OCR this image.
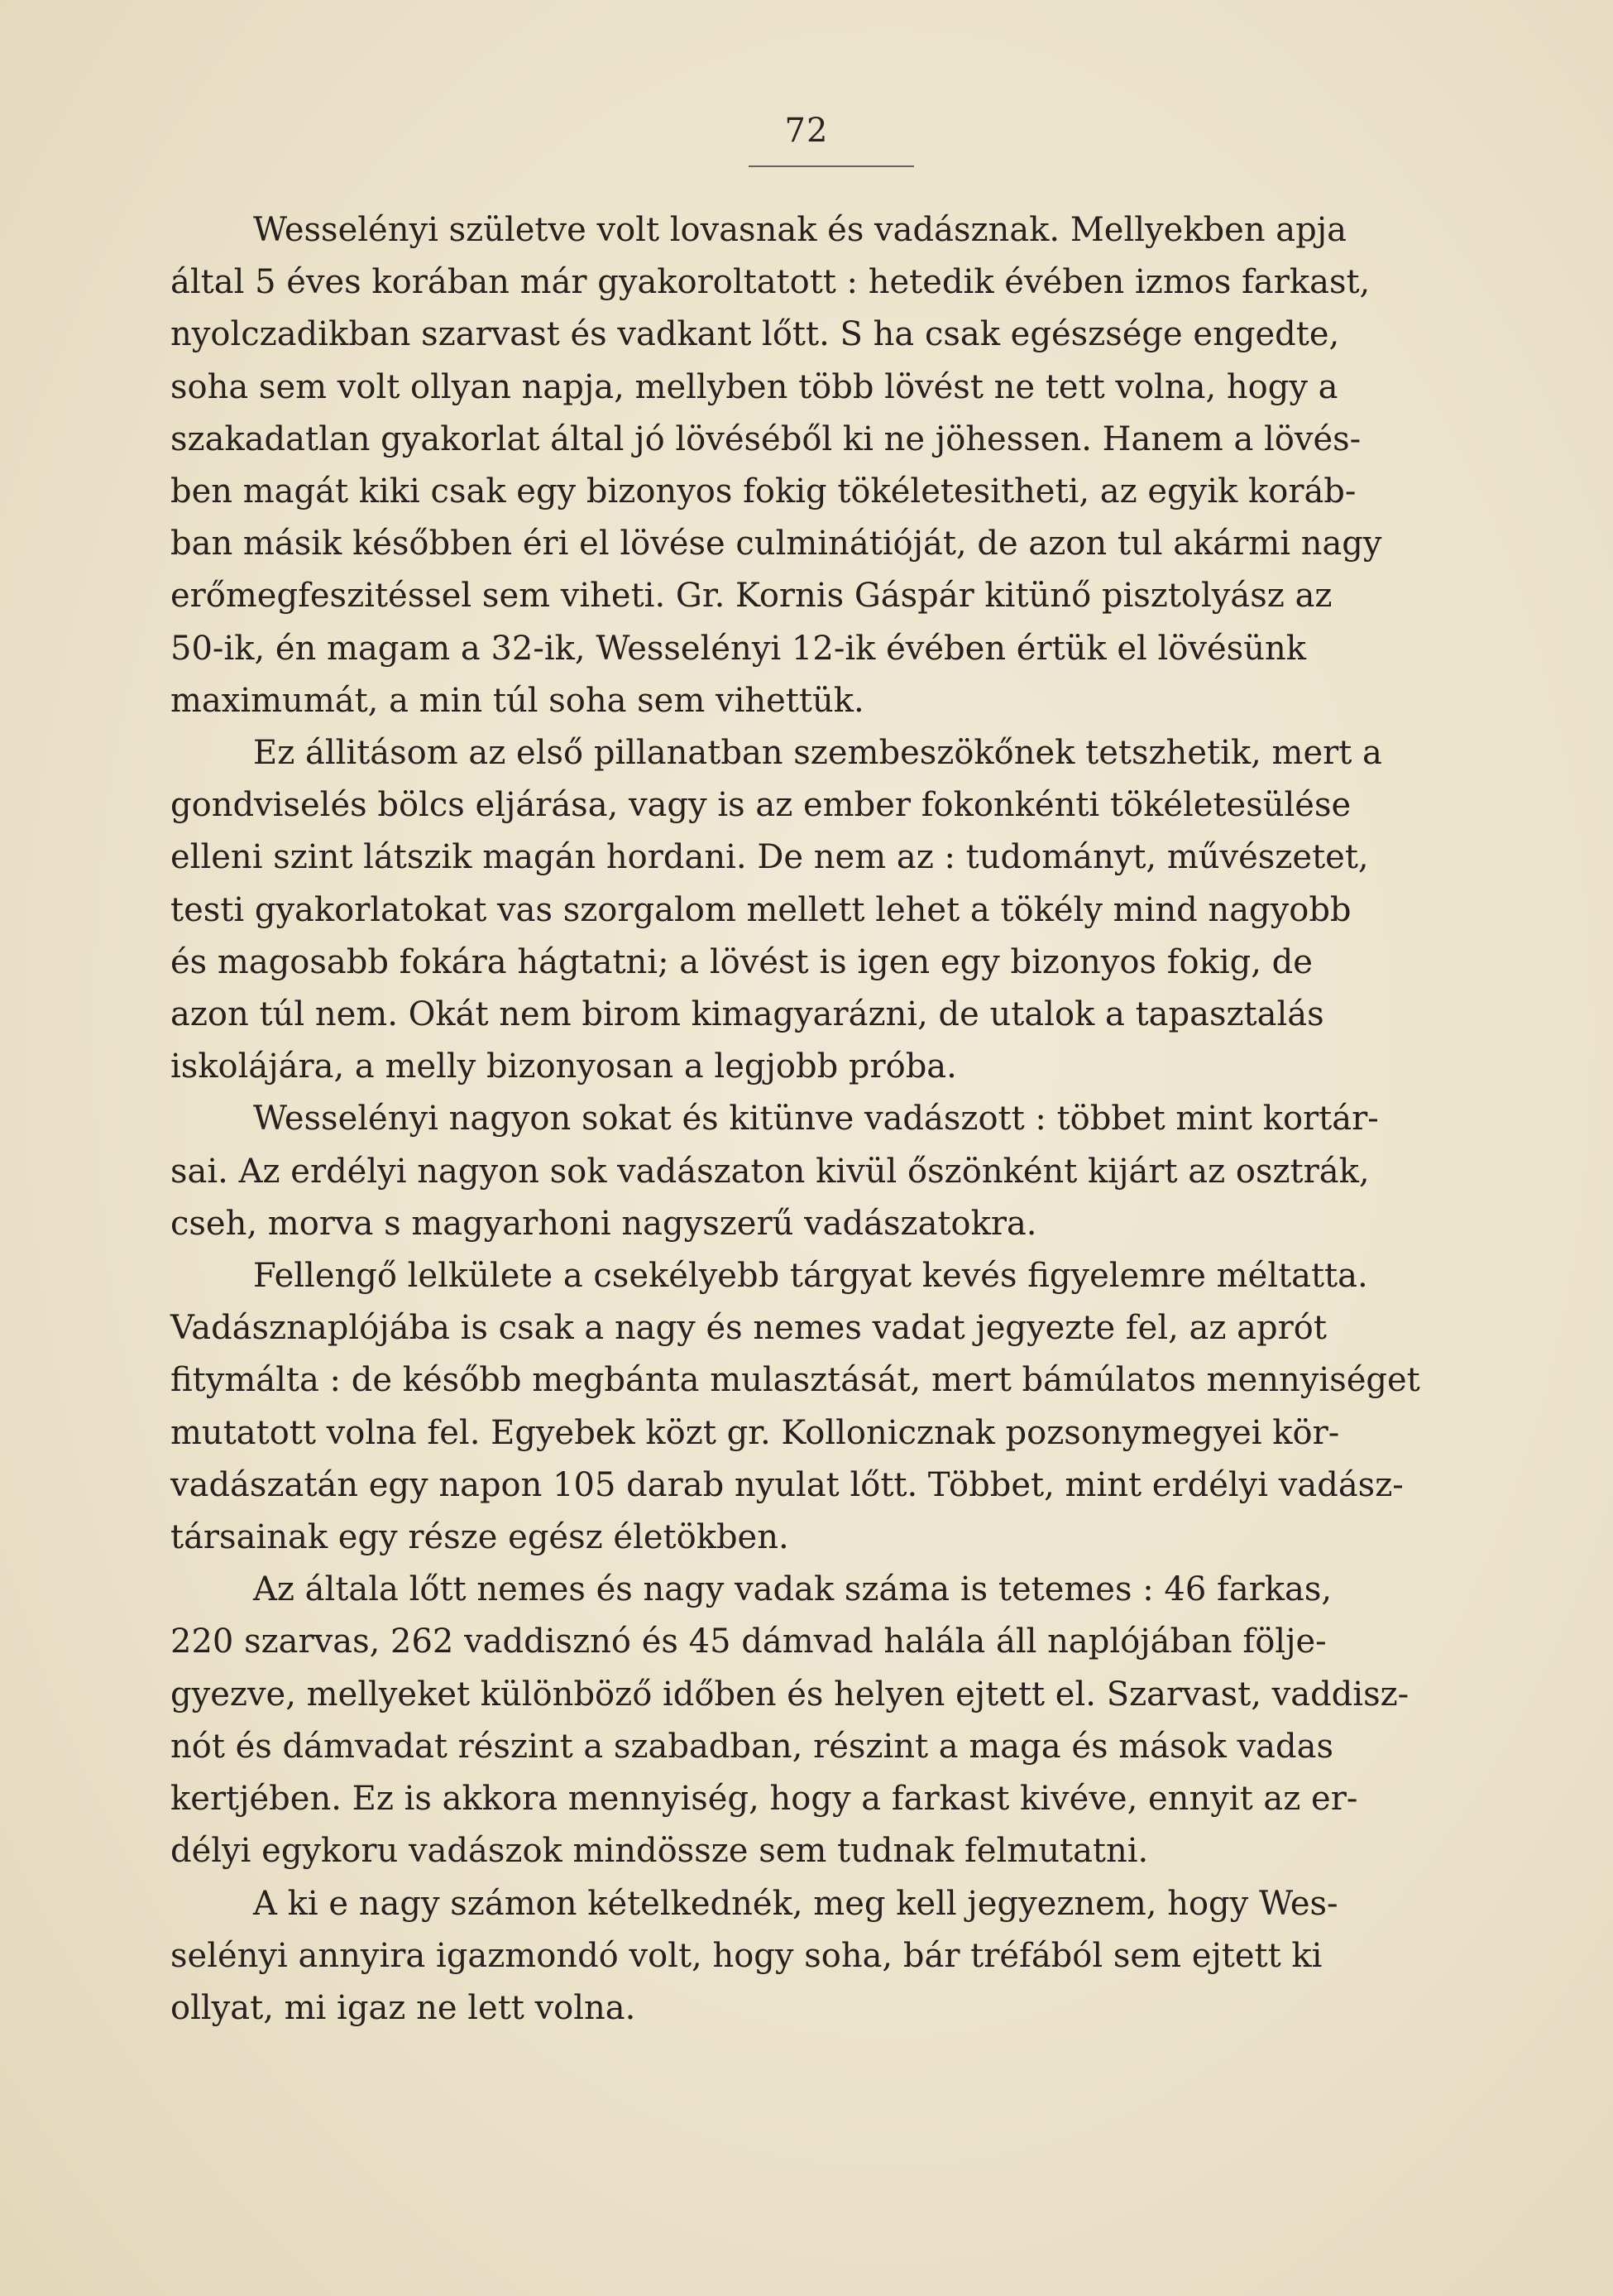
72
Wesselényi születve volt lovasnak és vadásznak. Mellyekben apja
által 5 éves korában már gyakoroltatott : hetedik évében izmos farkast,
nyolczadikban szarvast és vadkant lőtt. S ha csak egészsége engedte,
soha sem volt ollyan napja, mellyben több lövést ne tett volna, hogy a
szakadatlan gyakorlat által jó lövéséből ki ne jöhessen. Hanem a lövés-
ben magát kiki csak egy bizonyos fokig tökéletesitheti, az egyik koráb-
ban másik későbben éri el lövése culminátióját, de azon tul akármi nagy
erőmegfeszitéssel sem viheti. Gr. Kornis Gáspár kitünő pisztolyász az
50-ik, én magam a 32-ik, Wesselényi 12-ik évében értük el lövésünk
maximumát, a min túl soha sem vihettük.
Ez állitásom az első pillanatban szembeszökőnek tetszhetik, mert a
gondviselés bölcs eljárása, vagy is az ember fokonkénti tökéletesülése
elleni szint látszik magán hordani. De nem az : tudományt, művészetet,
testi gyakorlatokat vas szorgalom mellett lehet a tökély mind nagyobb
és magosabb fokára hágtatni; a lövést is igen egy bizonyos fokig, de
azon túl nem. Okát nem birom kimagyarázni, de utalok a tapasztalás
iskolájára, a melly bizonyosan a legjobb próba.
Wesselényi nagyon sokat és kitünve vadászott : többet mint kortár-
sai. Az erdélyi nagyon sok vadászaton kivül őszönként kijárt az osztrák,
cseh, morva s magyarhoni nagyszerű vadászatokra.
Fellengő lelkülete a csekélyebb tárgyat kevés figyelemre méltatta.
Vadásznaplójába is csak a nagy és nemes vadat jegyezte fel, az aprót
fitymálta : de később megbánta mulasztását, mert bámúlatos mennyiséget
mutatott volna fel. Egyebek közt gr. Kollonicznak pozsonymegyei kör-
vadászatán egy napon 105 darab nyulat lőtt. Többet, mint erdélyi vadász-
társainak egy része egész életökben.
Az általa lőtt nemes és nagy vadak száma is tetemes : 46 farkas,
220 szarvas, 262 vaddisznó és 45 dámvad halála áll naplójában följe-
gyezve, mellyeket különböző időben és helyen ejtett el. Szarvast, vaddisz-
nót és dámvadat részint a szabadban, részint a maga és mások vadas
kertjében. Ez is akkora mennyiség, hogy a farkast kivéve, ennyit az er-
délyi egykoru vadászok mindössze sem tudnak felmutatni.
A ki e nagy számon kételkednék, meg kell jegyeznem, hogy Wes-
selényi annyira igazmondó volt, hogy soha, bár tréfából sem ejtett ki
ollyat, mi igaz ne lett volna.
